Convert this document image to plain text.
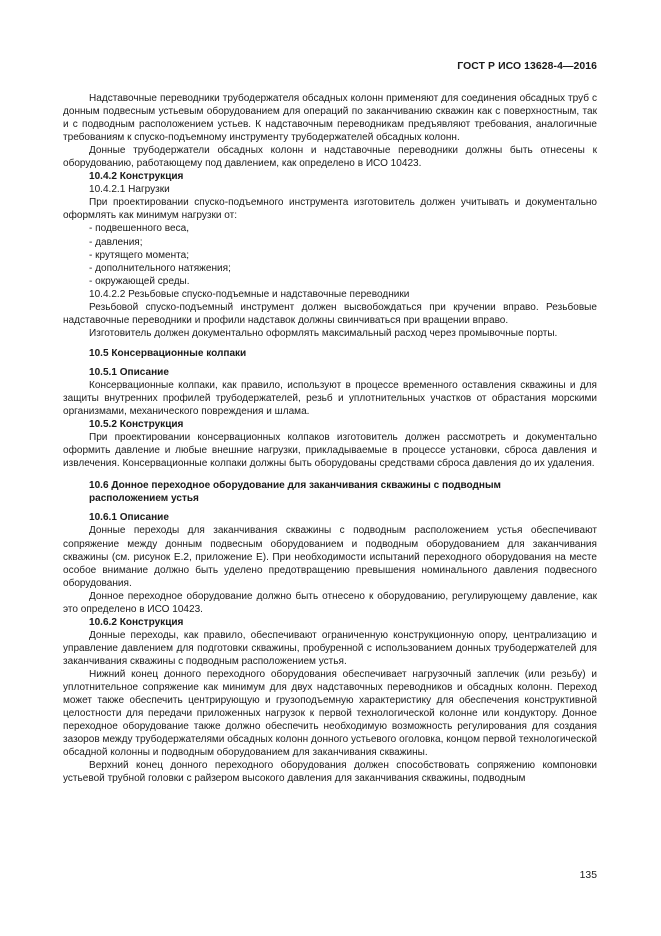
ГОСТ Р ИСО 13628-4—2016

Надставочные переводники трубодержателя обсадных колонн применяют для соединения обсадных труб с донным подвесным устьевым оборудованием для операций по заканчиванию скважин как с поверхностным, так и с подводным расположением устьев. К надставочным переводникам предъявляют требования, аналогичные требованиям к спуско-подъемному инструменту трубодержателей обсадных колонн.

Донные трубодержатели обсадных колонн и надставочные переводники должны быть отнесены к оборудованию, работающему под давлением, как определено в ИСО 10423.

10.4.2 Конструкция

10.4.2.1 Нагрузки

При проектировании спуско-подъемного инструмента изготовитель должен учитывать и документально оформлять как минимум нагрузки от:

- подвешенного веса,

- давления;

- крутящего момента;

- дополнительного натяжения;

- окружающей среды.

10.4.2.2 Резьбовые спуско-подъемные и надставочные переводники

Резьбовой спуско-подъемный инструмент должен высвобождаться при кручении вправо. Резьбовые надставочные переводники и профили надставок должны свинчиваться при вращении вправо.

Изготовитель должен документально оформлять максимальный расход через промывочные порты.

10.5 Консервационные колпаки

10.5.1 Описание

Консервационные колпаки, как правило, используют в процессе временного оставления скважины и для защиты внутренних профилей трубодержателей, резьб и уплотнительных участков от обрастания морскими организмами, механического повреждения и шлама.

10.5.2 Конструкция

При проектировании консервационных колпаков изготовитель должен рассмотреть и документально оформить давление и любые внешние нагрузки, прикладываемые в процессе установки, сброса давления и извлечения. Консервационные колпаки должны быть оборудованы средствами сброса давления до их удаления.

10.6 Донное переходное оборудование для заканчивания скважины с подводным
расположением устья

10.6.1 Описание

Донные переходы для заканчивания скважины с подводным расположением устья обеспечивают сопряжение между донным подвесным оборудованием и подводным оборудованием для заканчивания скважины (см. рисунок Е.2, приложение Е). При необходимости испытаний переходного оборудования на месте особое внимание должно быть уделено предотвращению превышения номинального давления подвесного оборудования.

Донное переходное оборудование должно быть отнесено к оборудованию, регулирующему давление, как это определено в ИСО 10423.

10.6.2 Конструкция

Донные переходы, как правило, обеспечивают ограниченную конструкционную опору, централизацию и управление давлением для подготовки скважины, пробуренной с использованием донных трубодержателей для заканчивания скважины с подводным расположением устья.

Нижний конец донного переходного оборудования обеспечивает нагрузочный заплечик (или резьбу) и уплотнительное сопряжение как минимум для двух надставочных переводников и обсадных колонн. Переход может также обеспечить центрирующую и грузоподъемную характеристику для обеспечения конструктивной целостности для передачи приложенных нагрузок к первой технологической колонне или кондуктору. Донное переходное оборудование также должно обеспечить необходимую возможность регулирования для создания зазоров между трубодержателями обсадных колонн донного устьевого оголовка, концом первой технологической обсадной колонны и подводным оборудованием для заканчивания скважины.

Верхний конец донного переходного оборудования должен способствовать сопряжению компоновки устьевой трубной головки с райзером высокого давления для заканчивания скважины, подводным

135
